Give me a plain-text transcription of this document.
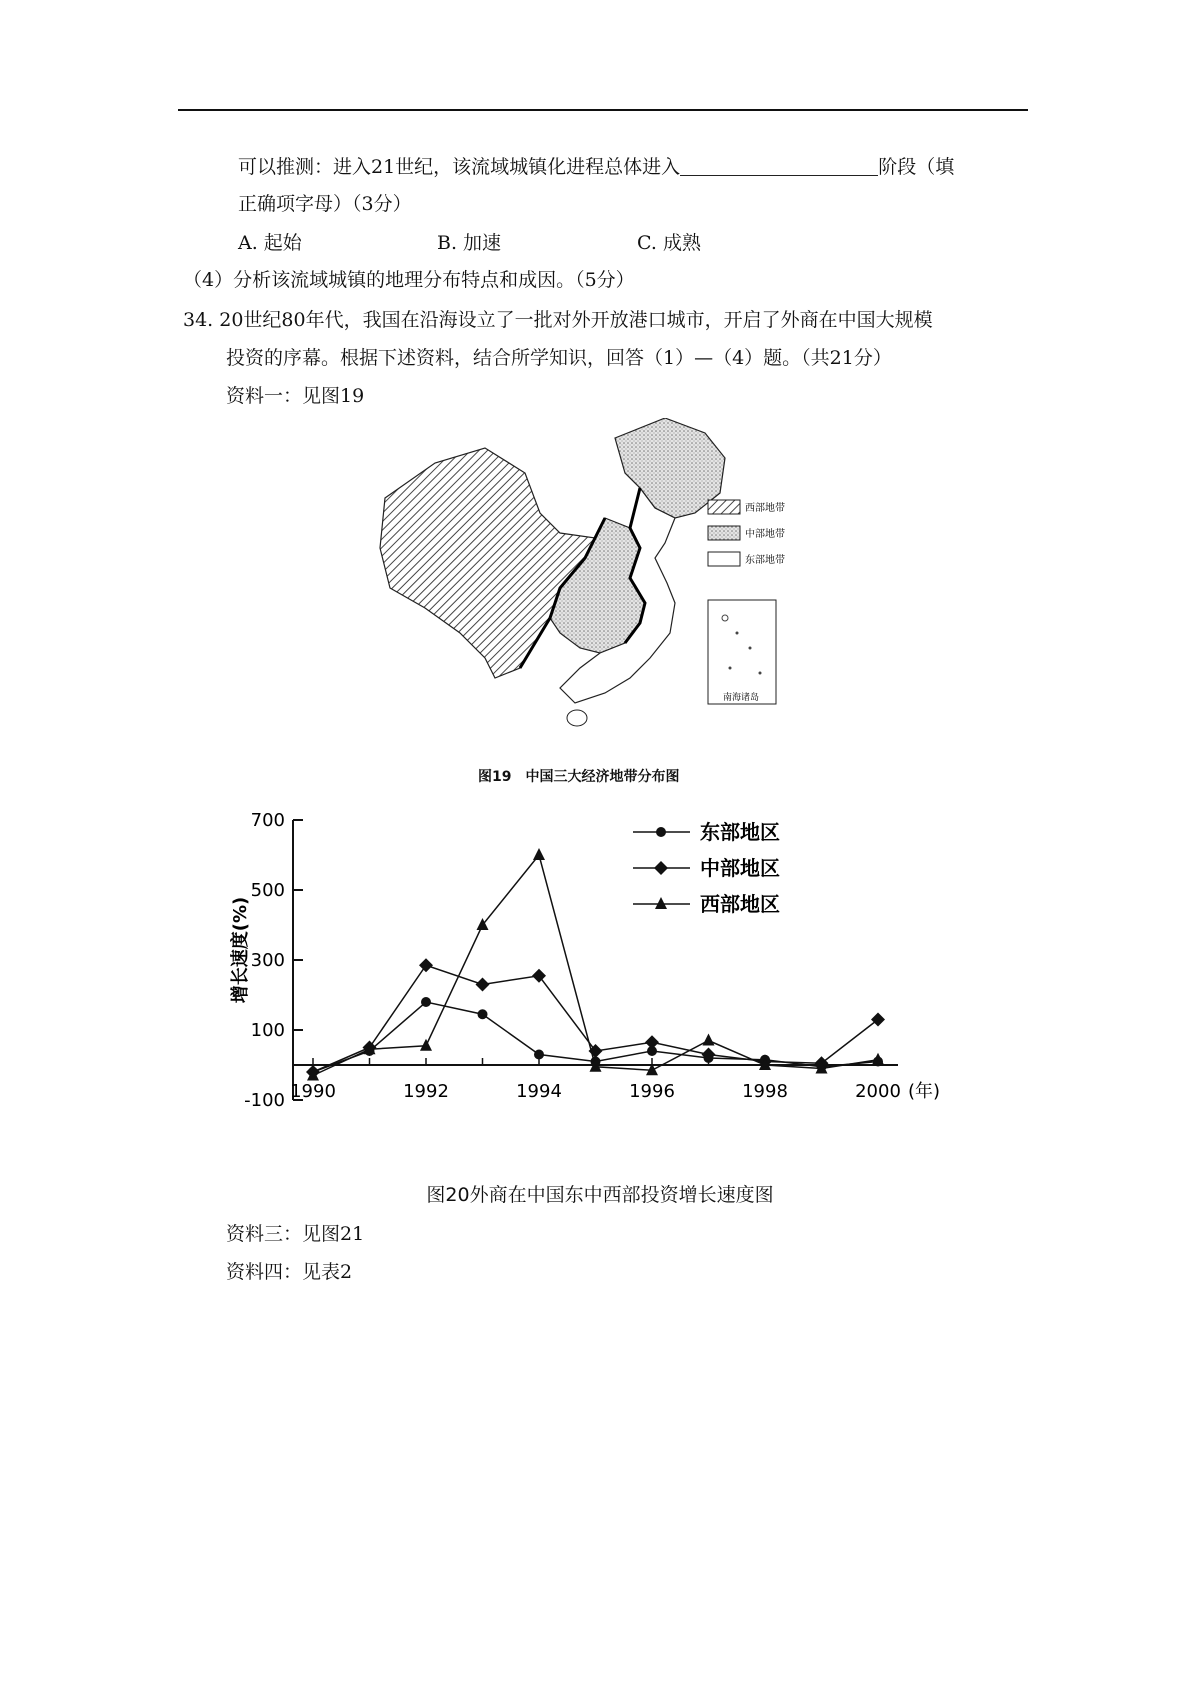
可以推测：进入21世纪，该流域城镇化进程总体进入	阶段（填
正确项字母）（3分）
A. 起始	B. 加速	C. 成熟
（4）分析该流域城镇的地理分布特点和成因。（5分）
34. 20世纪80年代，我国在沿海设立了一批对外开放港口城市，开启了外商在中国大规模
投资的序幕。根据下述资料，结合所学知识，回答（1）—（4）题。（共21分）
资料一：见图19
西部地带
中部地带
东部地带
南海诸岛
图19　中国三大经济地带分布图
增长速度(%)
700
500
300
100
-100 1990	1992	1994	1996	1998	2000 (年)
东部地区
中部地区
西部地区
图20外商在中国东中西部投资增长速度图
资料三：见图21
资料四：见表2
